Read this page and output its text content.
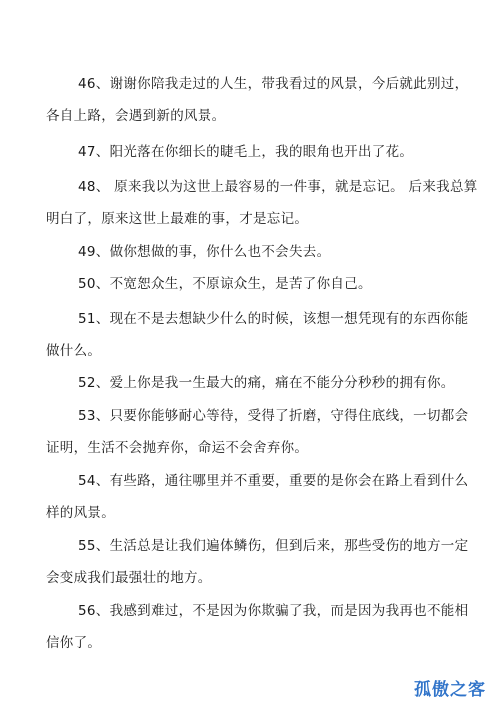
46、谢谢你陪我走过的人生，带我看过的风景，今后就此别过，
各自上路，会遇到新的风景。
47、阳光落在你细长的睫毛上，我的眼角也开出了花。
48、 原来我以为这世上最容易的一件事，就是忘记。 后来我总算
明白了，原来这世上最难的事，才是忘记。
49、做你想做的事，你什么也不会失去。
50、不宽恕众生，不原谅众生，是苦了你自己。
51、现在不是去想缺少什么的时候，该想一想凭现有的东西你能
做什么。
52、爱上你是我一生最大的痛，痛在不能分分秒秒的拥有你。
53、只要你能够耐心等待，受得了折磨，守得住底线，一切都会
证明，生活不会抛弃你，命运不会舍弃你。
54、有些路，通往哪里并不重要，重要的是你会在路上看到什么
样的风景。
55、生活总是让我们遍体鳞伤，但到后来，那些受伤的地方一定
会变成我们最强壮的地方。
56、我感到难过，不是因为你欺骗了我，而是因为我再也不能相
信你了。
孤傲之客
